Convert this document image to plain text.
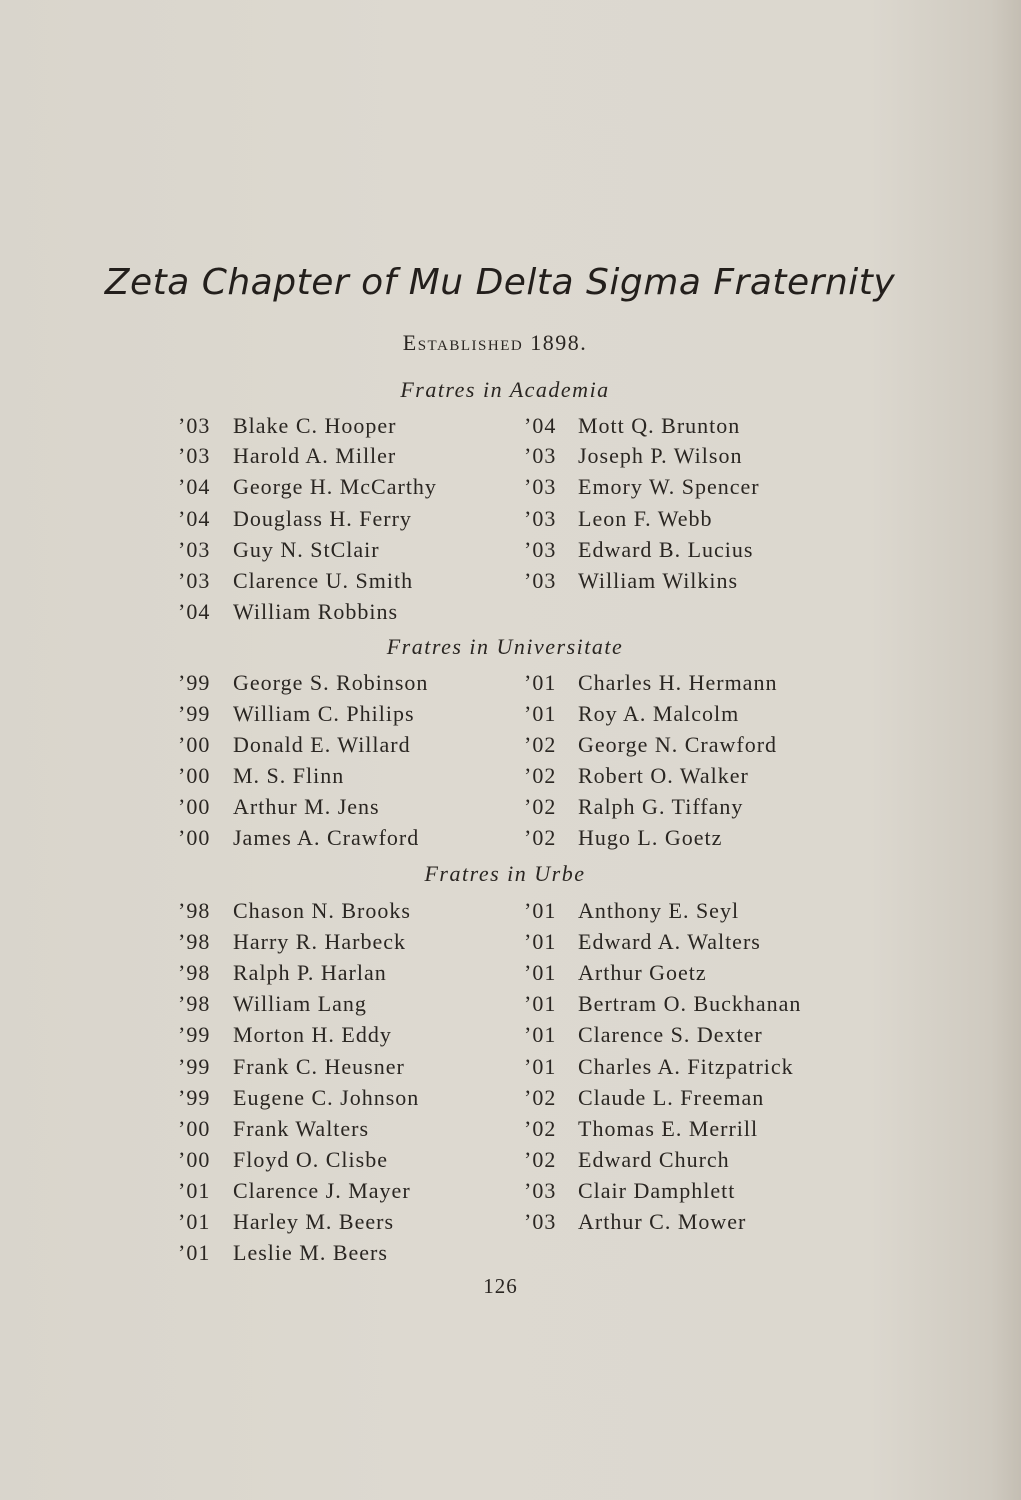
Zeta Chapter of Mu Delta Sigma Fraternity
Established 1898.
Fratres in Academia
’03 Blake C. Hooper
’03 Harold A. Miller
’04 George H. McCarthy
’04 Douglass H. Ferry
’03 Guy N. StClair
’03 Clarence U. Smith
’04 William Robbins
’04 Mott Q. Brunton
’03 Joseph P. Wilson
’03 Emory W. Spencer
’03 Leon F. Webb
’03 Edward B. Lucius
’03 William Wilkins
Fratres in Universitate
’99 George S. Robinson
’99 William C. Philips
’00 Donald E. Willard
’00 M. S. Flinn
’00 Arthur M. Jens
’00 James A. Crawford
’01 Charles H. Hermann
’01 Roy A. Malcolm
’02 George N. Crawford
’02 Robert O. Walker
’02 Ralph G. Tiffany
’02 Hugo L. Goetz
Fratres in Urbe
’98 Chason N. Brooks
’98 Harry R. Harbeck
’98 Ralph P. Harlan
’98 William Lang
’99 Morton H. Eddy
’99 Frank C. Heusner
’99 Eugene C. Johnson
’00 Frank Walters
’00 Floyd O. Clisbe
’01 Clarence J. Mayer
’01 Harley M. Beers
’01 Leslie M. Beers
’01 Anthony E. Seyl
’01 Edward A. Walters
’01 Arthur Goetz
’01 Bertram O. Buckhanan
’01 Clarence S. Dexter
’01 Charles A. Fitzpatrick
’02 Claude L. Freeman
’02 Thomas E. Merrill
’02 Edward Church
’03 Clair Damphlett
’03 Arthur C. Mower
126
